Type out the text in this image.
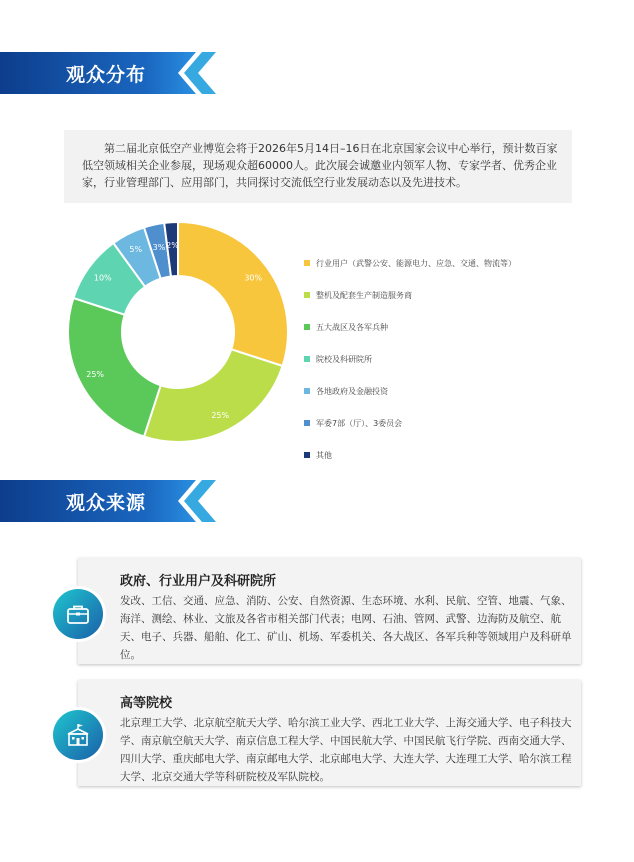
观众分布
第二届北京低空产业博览会将于2026年5月14日–16日在北京国家会议中心举行，预计数百家低空领域相关企业参展，现场观众超60000人。此次展会诚邀业内领军人物、专家学者、优秀企业家，行业管理部门、应用部门，共同探讨交流低空行业发展动态以及先进技术。
30%
25%
25%
10%
5% 3% 2%
行业用户（武警公安、能源电力、应急、交通、物流等）
整机及配套生产制造服务商
五大战区及各军兵种
院校及科研院所
各地政府及金融投资
军委7部（厅）、3委员会
其他
观众来源
政府、行业用户及科研院所
发改、工信、交通、应急、消防、公安、自然资源、生态环境、水利、民航、空管、地震、气象、海洋、测绘、林业、文旅及各省市相关部门代表；电网、石油、管网、武警、边海防及航空、航天、电子、兵器、船舶、化工、矿山、机场、军委机关、各大战区、各军兵种等领域用户及科研单位。
高等院校
北京理工大学、北京航空航天大学、哈尔滨工业大学、西北工业大学、上海交通大学、电子科技大学、南京航空航天大学、南京信息工程大学、中国民航大学、中国民航飞行学院、西南交通大学、四川大学、重庆邮电大学、南京邮电大学、北京邮电大学、大连大学、大连理工大学、哈尔滨工程大学、北京交通大学等科研院校及军队院校。
